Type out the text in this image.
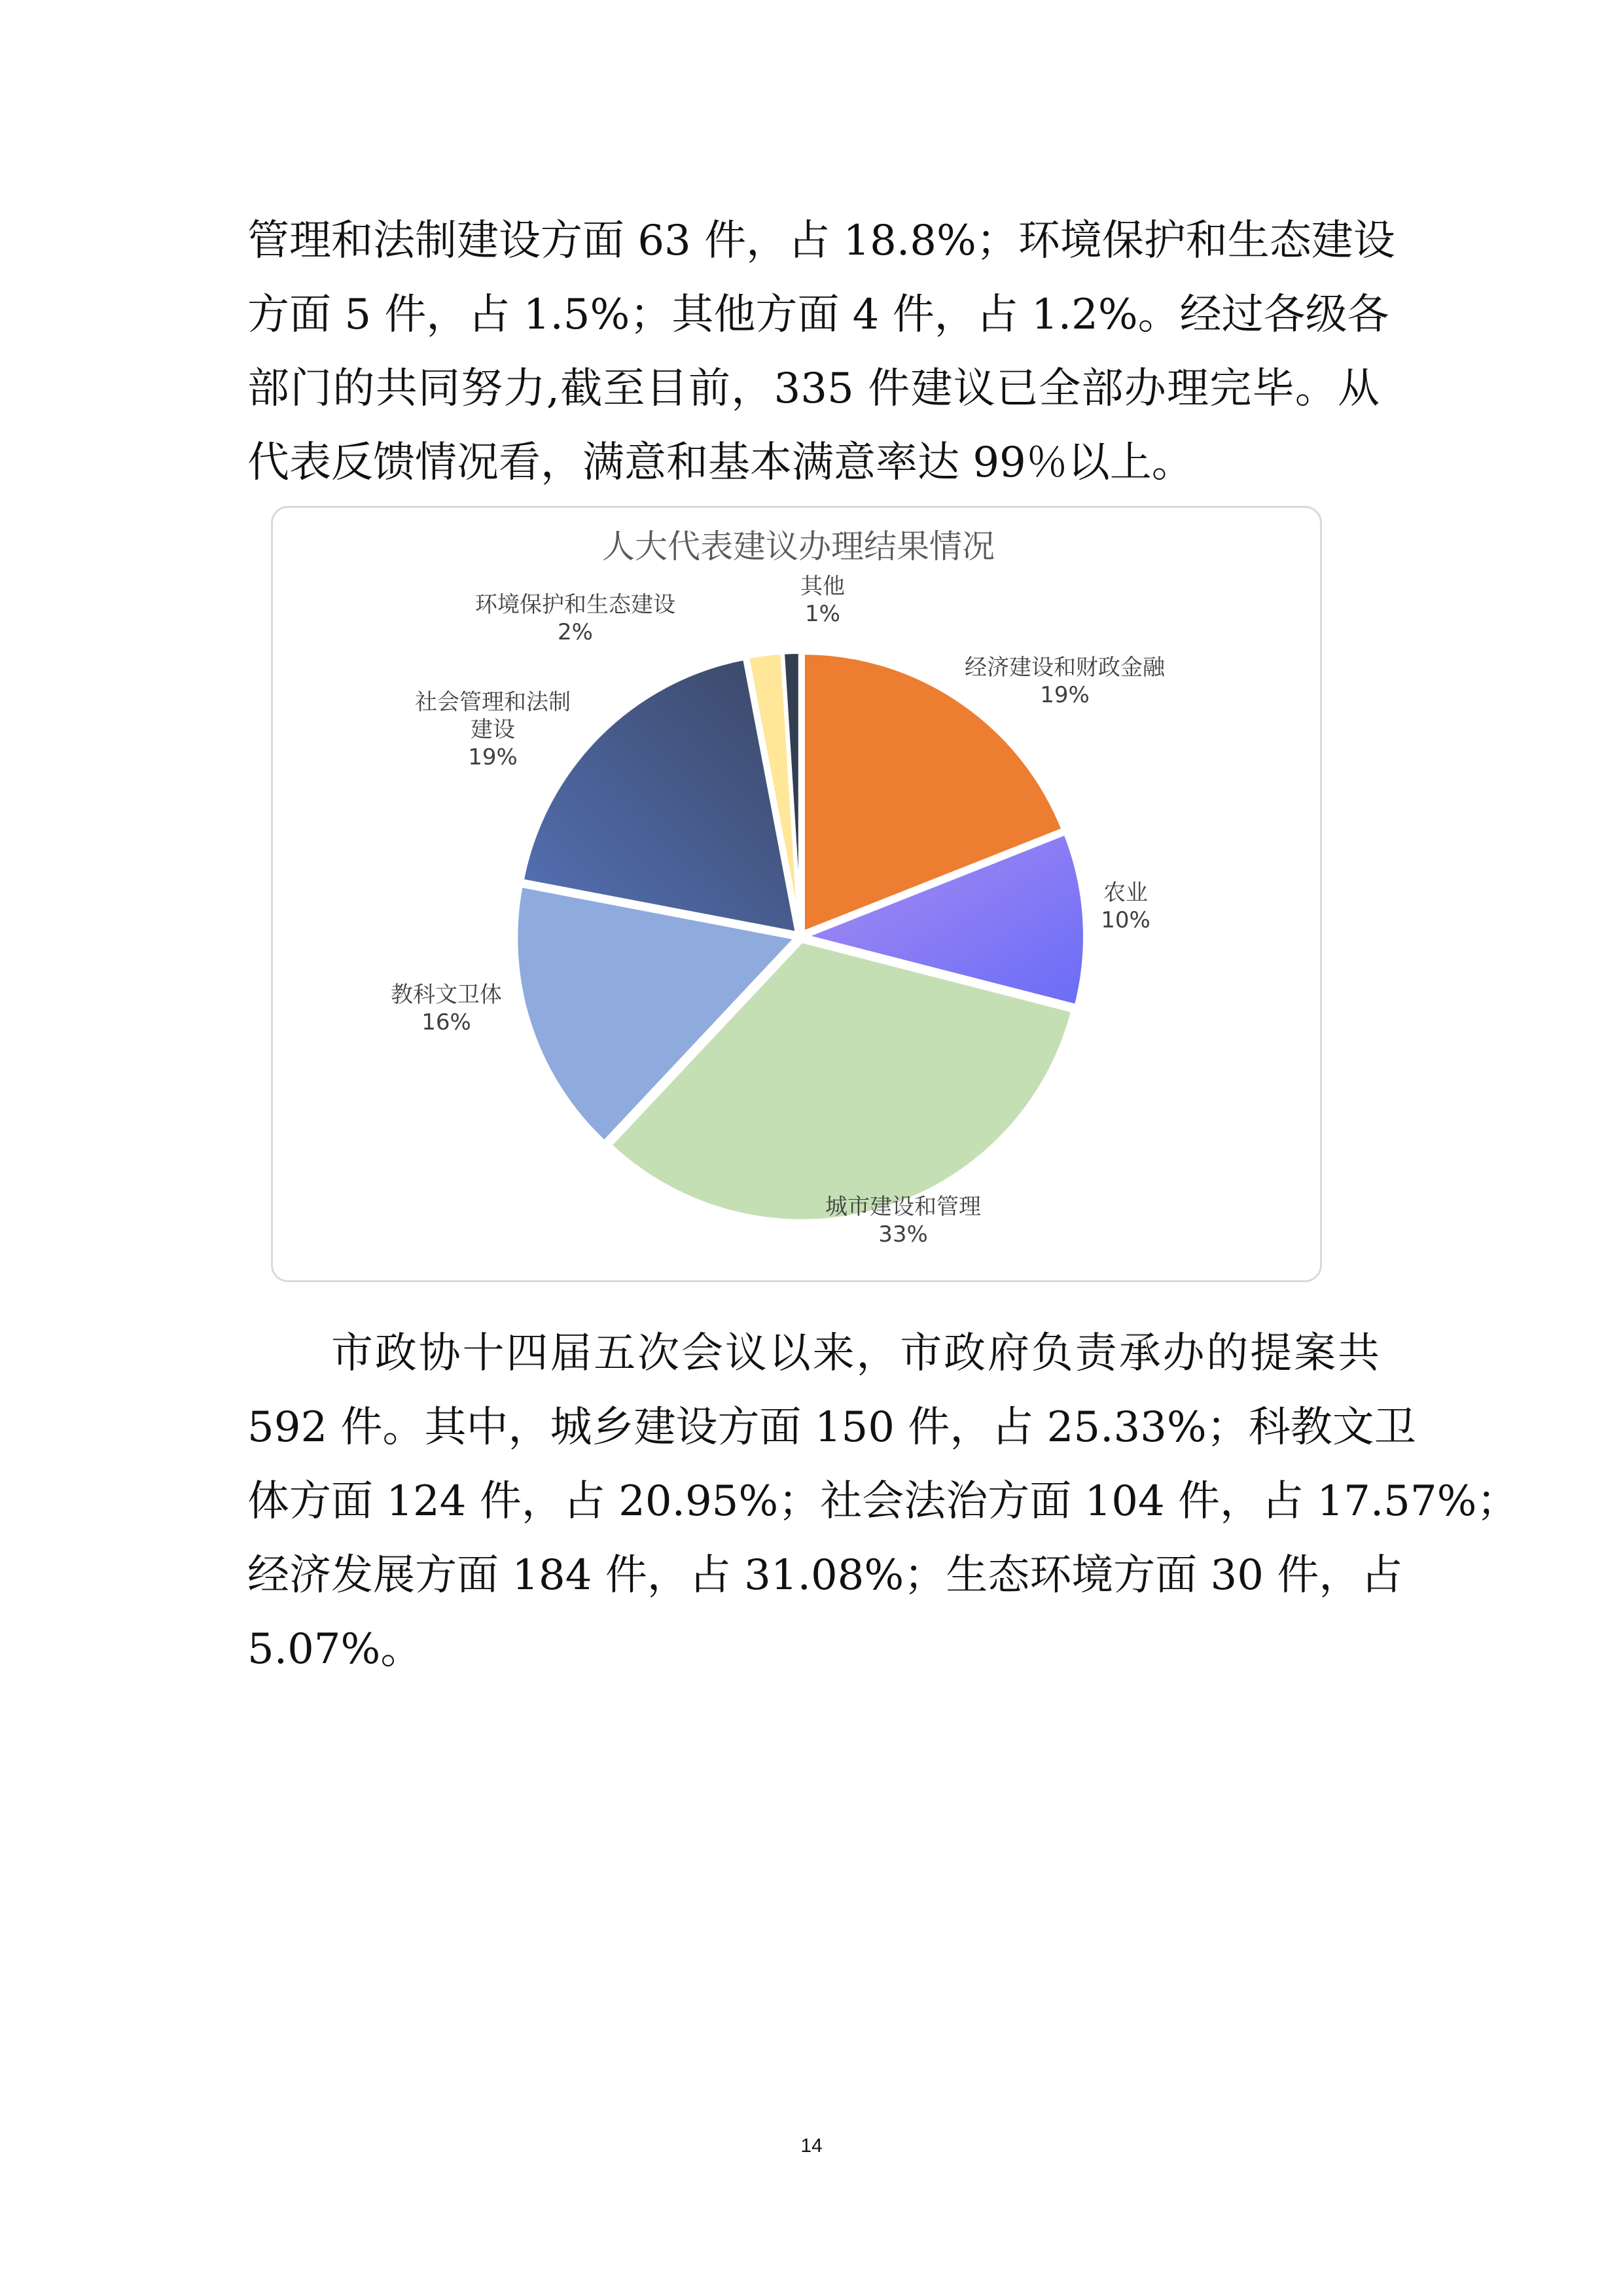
管理和法制建设方面 63 件，占 18.8%；环境保护和生态建设
方面 5 件，占 1.5%；其他方面 4 件，占 1.2%。经过各级各
部门的共同努力,截至目前，335 件建议已全部办理完毕。从
代表反馈情况看，满意和基本满意率达 99％以上。
人大代表建议办理结果情况
经济建设和财政金融 19%
农业 10%
城市建设和管理 33%
教科文卫体 16%
社会管理和法制建设 19%
环境保护和生态建设 2%
其他 1%
市政协十四届五次会议以来，市政府负责承办的提案共
592 件。其中，城乡建设方面 150 件，占 25.33%；科教文卫
体方面 124 件，占 20.95%；社会法治方面 104 件，占 17.57%；
经济发展方面 184 件，占 31.08%；生态环境方面 30 件，占
5.07%。
14
